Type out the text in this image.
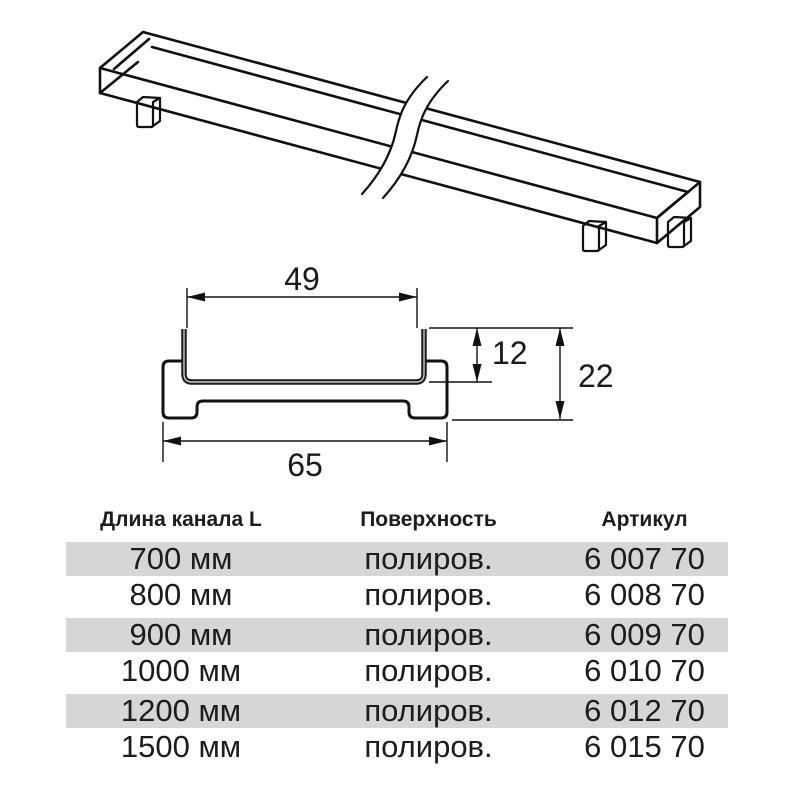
49
12
22
65
Длина канала L	Поверхность	Артикул
700 мм	полиров.	6 007 70
800 мм	полиров.	6 008 70
900 мм	полиров.	6 009 70
1000 мм	полиров.	6 010 70
1200 мм	полиров.	6 012 70
1500 мм	полиров.	6 015 70
